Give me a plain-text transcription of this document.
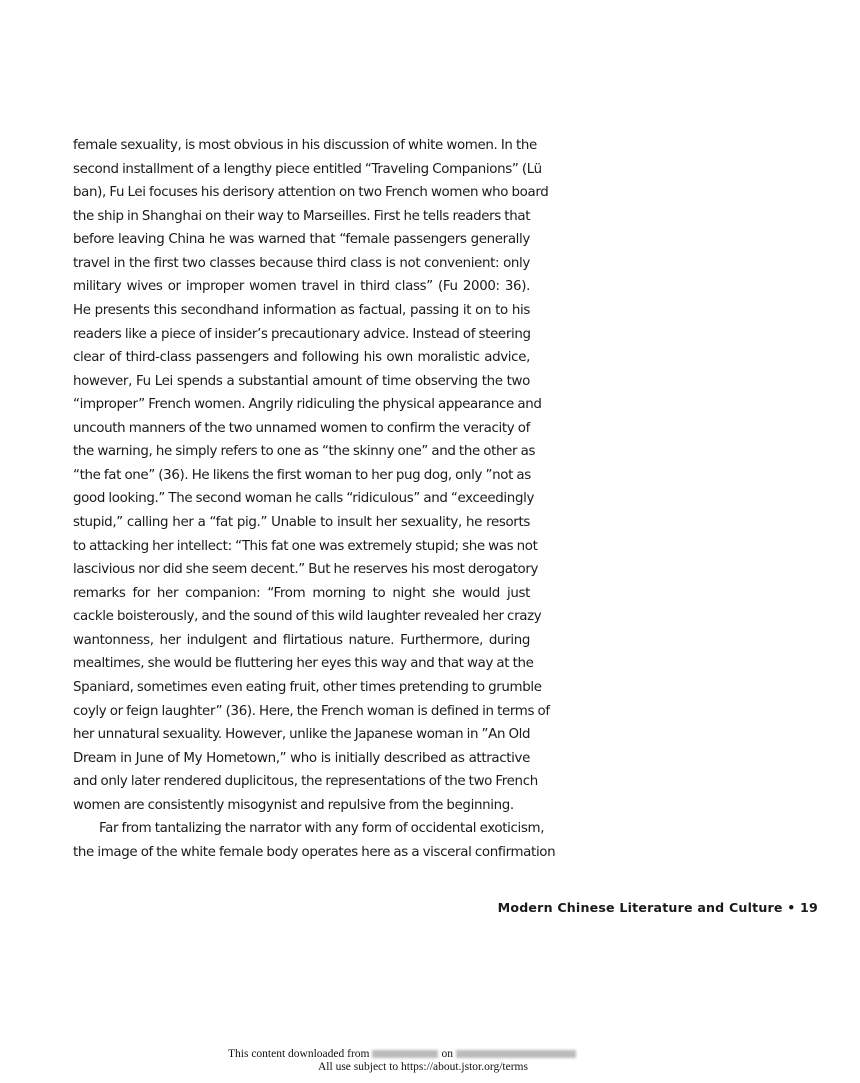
female sexuality, is most obvious in his discussion of white women. In the
second installment of a lengthy piece entitled “Traveling Companions” (Lü
ban), Fu Lei focuses his derisory attention on two French women who board
the ship in Shanghai on their way to Marseilles. First he tells readers that
before leaving China he was warned that “female passengers generally
travel in the first two classes because third class is not convenient: only
military wives or improper women travel in third class” (Fu 2000: 36).
He presents this secondhand information as factual, passing it on to his
readers like a piece of insider’s precautionary advice. Instead of steering
clear of third-class passengers and following his own moralistic advice,
however, Fu Lei spends a substantial amount of time observing the two
“improper” French women. Angrily ridiculing the physical appearance and
uncouth manners of the two unnamed women to confirm the veracity of
the warning, he simply refers to one as “the skinny one” and the other as
“the fat one” (36). He likens the first woman to her pug dog, only ”not as
good looking.” The second woman he calls “ridiculous” and “exceedingly
stupid,” calling her a “fat pig.” Unable to insult her sexuality, he resorts
to attacking her intellect: “This fat one was extremely stupid; she was not
lascivious nor did she seem decent.” But he reserves his most derogatory
remarks for her companion: “From morning to night she would just
cackle boisterously, and the sound of this wild laughter revealed her crazy
wantonness, her indulgent and flirtatious nature. Furthermore, during
mealtimes, she would be fluttering her eyes this way and that way at the
Spaniard, sometimes even eating fruit, other times pretending to grumble
coyly or feign laughter” (36). Here, the French woman is defined in terms of
her unnatural sexuality. However, unlike the Japanese woman in ”An Old
Dream in June of My Hometown,” who is initially described as attractive
and only later rendered duplicitous, the representations of the two French
women are consistently misogynist and repulsive from the beginning.
Far from tantalizing the narrator with any form of occidental exoticism,
the image of the white female body operates here as a visceral confirmation
Modern Chinese Literature and Culture • 19
This content downloaded from	on
All use subject to https://about.jstor.org/terms
